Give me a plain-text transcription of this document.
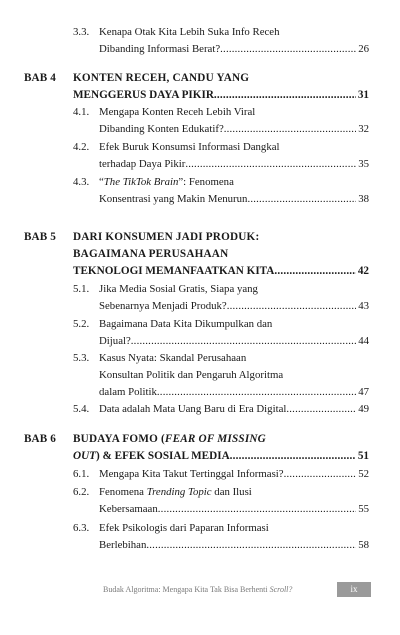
3.3. Kenapa Otak Kita Lebih Suka Info Receh
Dibanding Informasi Berat? .....	26
BAB 4 KONTEN RECEH, CANDU YANG
MENGGERUS DAYA PIKIR .....	31
4.1. Mengapa Konten Receh Lebih Viral
Dibanding Konten Edukatif? .....	32
4.2. Efek Buruk Konsumsi Informasi Dangkal
terhadap Daya Pikir .....	35
4.3. “The TikTok Brain”: Fenomena
Konsentrasi yang Makin Menurun .....	38
BAB 5 DARI KONSUMEN JADI PRODUK:
BAGAIMANA PERUSAHAAN
TEKNOLOGI MEMANFAATKAN KITA .....	42
5.1. Jika Media Sosial Gratis, Siapa yang
Sebenarnya Menjadi Produk? .....	43
5.2. Bagaimana Data Kita Dikumpulkan dan
Dijual? .....	44
5.3. Kasus Nyata: Skandal Perusahaan
Konsultan Politik dan Pengaruh Algoritma
dalam Politik .....	47
5.4. Data adalah Mata Uang Baru di Era Digital .....	49
BAB 6 BUDAYA FOMO (FEAR OF MISSING
OUT) & EFEK SOSIAL MEDIA .....	51
6.1. Mengapa Kita Takut Tertinggal Informasi? .....	52
6.2. Fenomena Trending Topic dan Ilusi
Kebersamaan .....	55
6.3. Efek Psikologis dari Paparan Informasi
Berlebihan .....	58
Budak Algoritma: Mengapa Kita Tak Bisa Berhenti Scroll?	ix
